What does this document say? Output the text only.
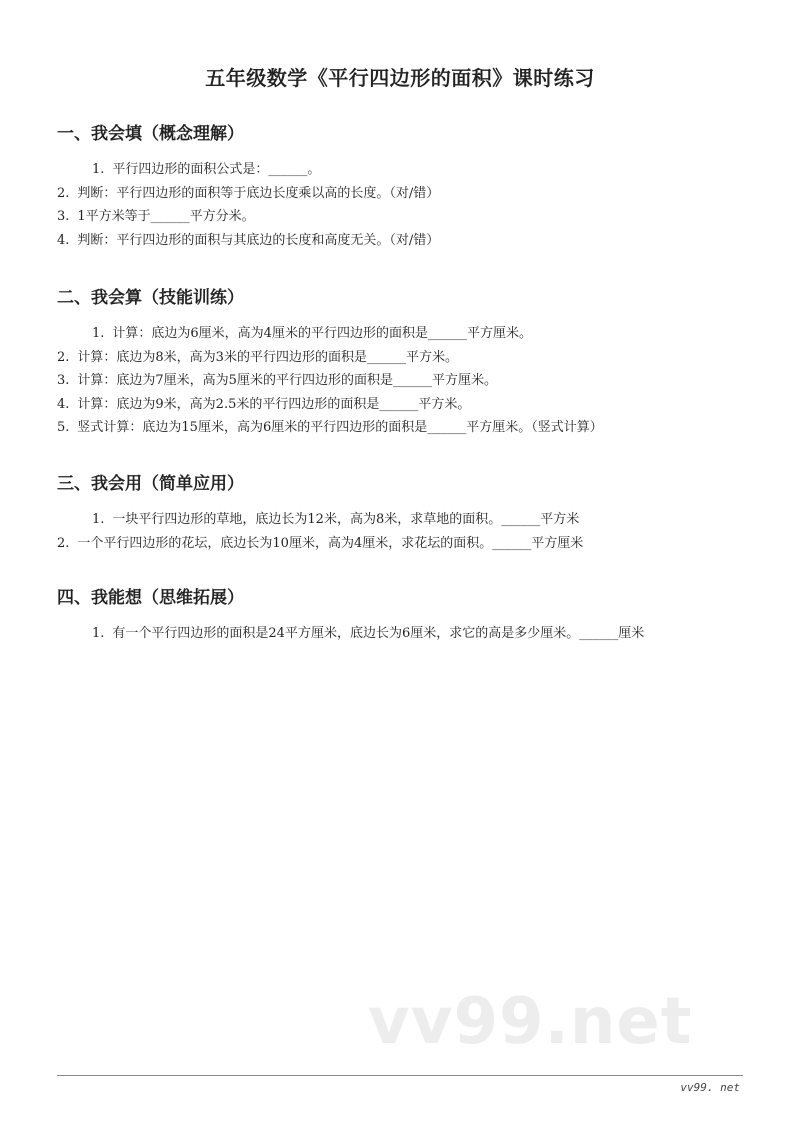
五年级数学《平行四边形的面积》课时练习
一、我会填（概念理解）
1. 平行四边形的面积公式是：______。
2. 判断：平行四边形的面积等于底边长度乘以高的长度。（对/错）
3. 1平方米等于______平方分米。
4. 判断：平行四边形的面积与其底边的长度和高度无关。（对/错）
二、我会算（技能训练）
1. 计算：底边为6厘米，高为4厘米的平行四边形的面积是______平方厘米。
2. 计算：底边为8米，高为3米的平行四边形的面积是______平方米。
3. 计算：底边为7厘米，高为5厘米的平行四边形的面积是______平方厘米。
4. 计算：底边为9米，高为2.5米的平行四边形的面积是______平方米。
5. 竖式计算：底边为15厘米，高为6厘米的平行四边形的面积是______平方厘米。（竖式计算）
三、我会用（简单应用）
1. 一块平行四边形的草地，底边长为12米，高为8米，求草地的面积。______平方米
2. 一个平行四边形的花坛，底边长为10厘米，高为4厘米，求花坛的面积。______平方厘米
四、我能想（思维拓展）
1. 有一个平行四边形的面积是24平方厘米，底边长为6厘米，求它的高是多少厘米。______厘米
vv99.net
vv99. net
